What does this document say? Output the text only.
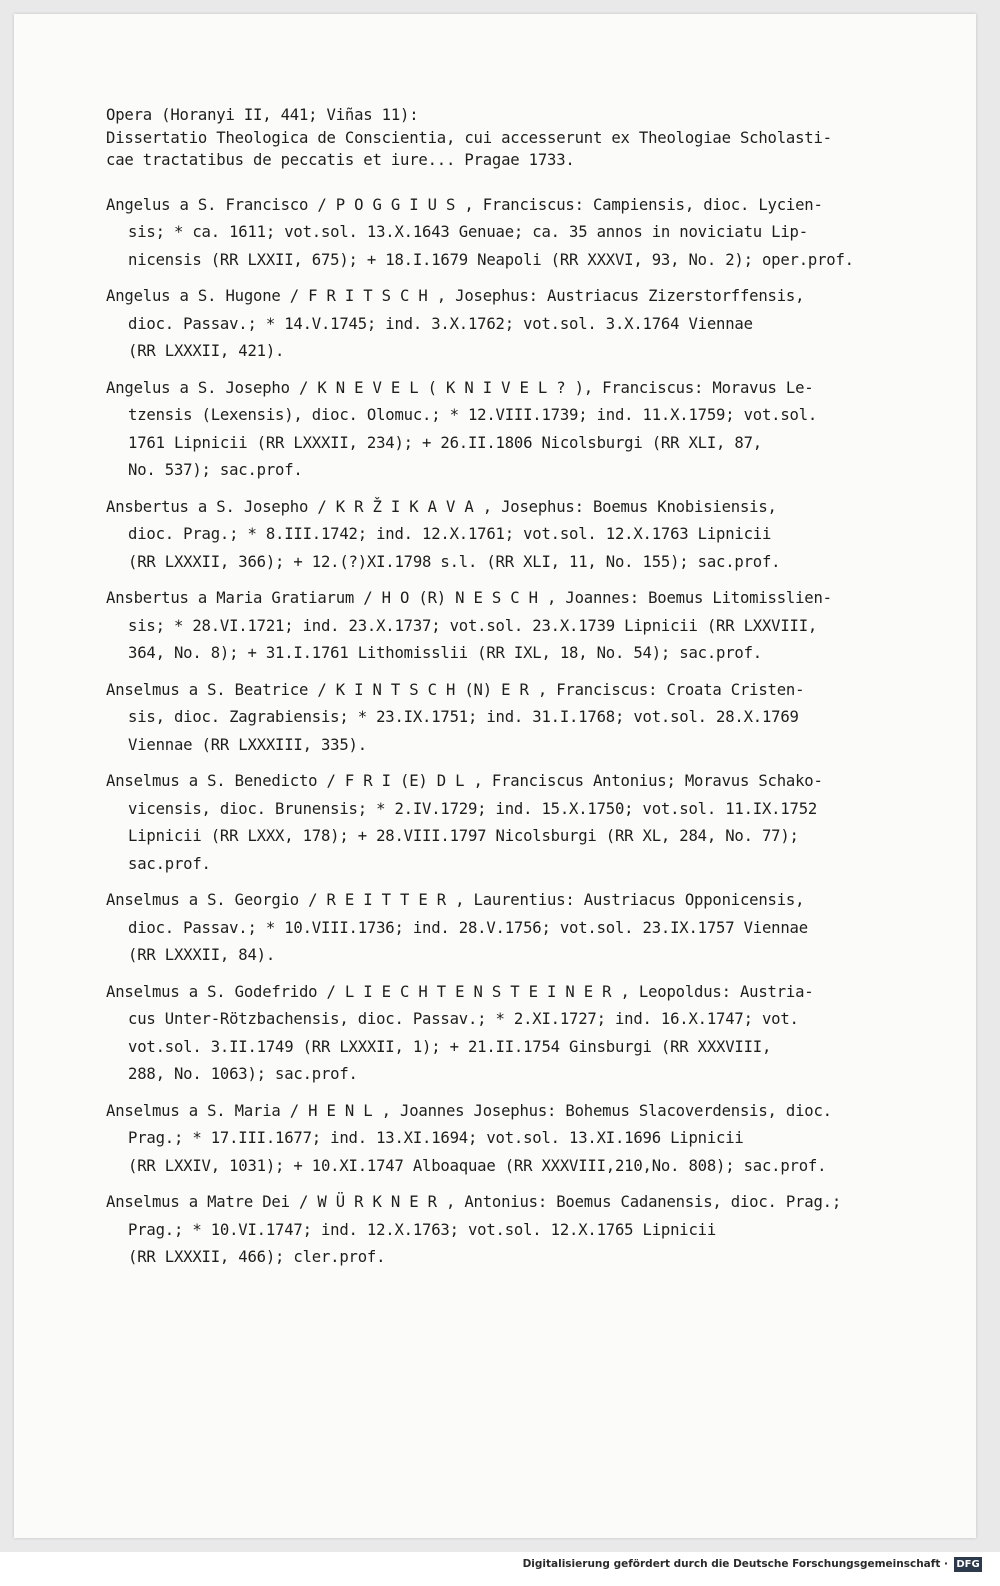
Opera (Horanyi II, 441; Viñas 11):
Dissertatio Theologica de Conscientia, cui accesserunt ex Theologiae Scholasti-
cae tractatibus de peccatis et iure... Pragae 1733.
Angelus a S. Francisco / P O G G I U S , Franciscus: Campiensis, dioc. Lycien-
sis; * ca. 1611; vot.sol. 13.X.1643 Genuae; ca. 35 annos in noviciatu Lip-
nicensis (RR LXXII, 675); + 18.I.1679 Neapoli (RR XXXVI, 93, No. 2); oper.prof.
Angelus a S. Hugone / F R I T S C H , Josephus: Austriacus Zizerstorffensis,
dioc. Passav.; * 14.V.1745; ind. 3.X.1762; vot.sol. 3.X.1764 Viennae
(RR LXXXII, 421).
Angelus a S. Josepho / K N E V E L ( K N I V E L ? ), Franciscus: Moravus Le-
tzensis (Lexensis), dioc. Olomuc.; * 12.VIII.1739; ind. 11.X.1759; vot.sol.
1761 Lipnicii (RR LXXXII, 234); + 26.II.1806 Nicolsburgi (RR XLI, 87,
No. 537); sac.prof.
Ansbertus a S. Josepho / K R Ž I K A V A , Josephus: Boemus Knobisiensis,
dioc. Prag.; * 8.III.1742; ind. 12.X.1761; vot.sol. 12.X.1763 Lipnicii
(RR LXXXII, 366); + 12.(?)XI.1798 s.l. (RR XLI, 11, No. 155); sac.prof.
Ansbertus a Maria Gratiarum / H O (R) N E S C H , Joannes: Boemus Litomisslien-
sis; * 28.VI.1721; ind. 23.X.1737; vot.sol. 23.X.1739 Lipnicii (RR LXXVIII,
364, No. 8); + 31.I.1761 Lithomisslii (RR IXL, 18, No. 54); sac.prof.
Anselmus a S. Beatrice / K I N T S C H (N) E R , Franciscus: Croata Cristen-
sis, dioc. Zagrabiensis; * 23.IX.1751; ind. 31.I.1768; vot.sol. 28.X.1769
Viennae (RR LXXXIII, 335).
Anselmus a S. Benedicto / F R I (E) D L , Franciscus Antonius; Moravus Schako-
vicensis, dioc. Brunensis; * 2.IV.1729; ind. 15.X.1750; vot.sol. 11.IX.1752
Lipnicii (RR LXXX, 178); + 28.VIII.1797 Nicolsburgi (RR XL, 284, No. 77);
sac.prof.
Anselmus a S. Georgio / R E I T T E R , Laurentius: Austriacus Opponicensis,
dioc. Passav.; * 10.VIII.1736; ind. 28.V.1756; vot.sol. 23.IX.1757 Viennae
(RR LXXXII, 84).
Anselmus a S. Godefrido / L I E C H T E N S T E I N E R , Leopoldus: Austria-
cus Unter-Rötzbachensis, dioc. Passav.; * 2.XI.1727; ind. 16.X.1747; vot.
vot.sol. 3.II.1749 (RR LXXXII, 1); + 21.II.1754 Ginsburgi (RR XXXVIII,
288, No. 1063); sac.prof.
Anselmus a S. Maria / H E N L , Joannes Josephus: Bohemus Slacoverdensis, dioc.
Prag.; * 17.III.1677; ind. 13.XI.1694; vot.sol. 13.XI.1696 Lipnicii
(RR LXXIV, 1031); + 10.XI.1747 Alboaquae (RR XXXVIII,210,No. 808); sac.prof.
Anselmus a Matre Dei / W Ü R K N E R , Antonius: Boemus Cadanensis, dioc. Prag.;
Prag.; * 10.VI.1747; ind. 12.X.1763; vot.sol. 12.X.1765 Lipnicii
(RR LXXXII, 466); cler.prof.
Digitalisierung gefördert durch die Deutsche Forschungsgemeinschaft · DFG
